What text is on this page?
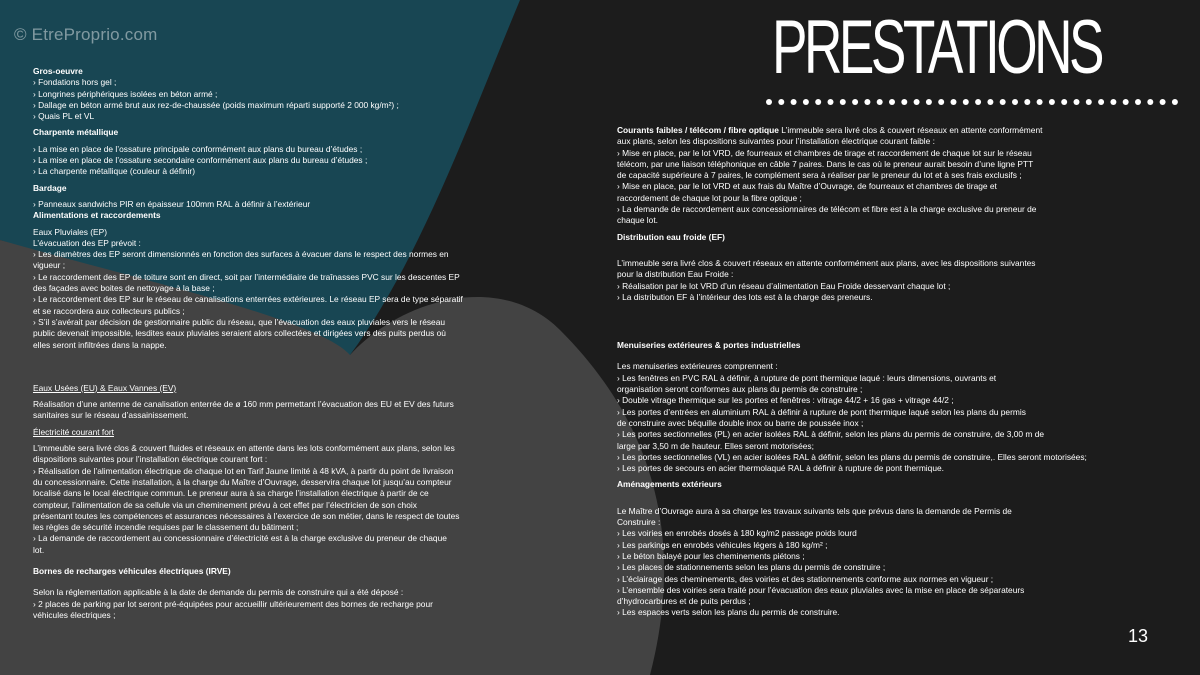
© EtreProprio.com	PRESTATIONS

Gros-oeuvre

› Fondations hors gel ;

› Longrines périphériques isolées en béton armé ;

› Dallage en béton armé brut aux rez-de-chaussée (poids maximum réparti supporté 2 000 kg/m²) ;

› Quais PL et VL

Charpente métallique

› La mise en place de l’ossature principale conformément aux plans du bureau d’études ;

› La mise en place de l’ossature secondaire conformément aux plans du bureau d’études ;

› La charpente métallique (couleur à définir)

Bardage

› Panneaux sandwichs PIR en épaisseur 100mm RAL à définir à l’extérieur

Alimentations et raccordements

Eaux Pluviales (EP)

L’évacuation des EP prévoit :

› Les diamètres des EP seront dimensionnés en fonction des surfaces à évacuer dans le respect des normes en

vigueur ;

› Le raccordement des EP de toiture sont en direct, soit par l’intermédiaire de traînasses PVC sur les descentes EP

des façades avec boites de nettoyage à la base ;

› Le raccordement des EP sur le réseau de canalisations enterrées extérieures. Le réseau EP sera de type séparatif

et se raccordera aux collecteurs publics ;

› S’il s’avérait par décision de gestionnaire public du réseau, que l’évacuation des eaux pluviales vers le réseau

public devenait impossible, lesdites eaux pluviales seraient alors collectées et dirigées vers des puits perdus où

elles seront infiltrées dans la nappe.

Eaux Usées (EU) & Eaux Vannes (EV)

Réalisation d’une antenne de canalisation enterrée de ø 160 mm permettant l’évacuation des EU et EV des futurs

sanitaires sur le réseau d’assainissement.

Électricité courant fort

L’immeuble sera livré clos & couvert fluides et réseaux en attente dans les lots conformément aux plans, selon les

dispositions suivantes pour l’installation électrique courant fort :

› Réalisation de l’alimentation électrique de chaque lot en Tarif Jaune limité à 48 kVA, à partir du point de livraison

du concessionnaire. Cette installation, à la charge du Maître d’Ouvrage, desservira chaque lot jusqu’au compteur

localisé dans le local électrique commun. Le preneur aura à sa charge l’installation électrique à partir de ce

compteur, l’alimentation de sa cellule via un cheminement prévu à cet effet par l’électricien de son choix

présentant toutes les compétences et assurances nécessaires à l’exercice de son métier, dans le respect de toutes

les règles de sécurité incendie requises par le classement du bâtiment ;

› La demande de raccordement au concessionnaire d’électricité est à la charge exclusive du preneur de chaque

lot.

Bornes de recharges véhicules électriques (IRVE)

Selon la réglementation applicable à la date de demande du permis de construire qui a été déposé :

› 2 places de parking par lot seront pré-équipées pour accueillir ultérieurement des bornes de recharge pour

véhicules électriques ;

Courants faibles / télécom / fibre optique L’immeuble sera livré clos & couvert réseaux en attente conformément

aux plans, selon les dispositions suivantes pour l’installation électrique courant faible :

› Mise en place, par le lot VRD, de fourreaux et chambres de tirage et raccordement de chaque lot sur le réseau

télécom, par une liaison téléphonique en câble 7 paires. Dans le cas où le preneur aurait besoin d’une ligne PTT

de capacité supérieure à 7 paires, le complément sera à réaliser par le preneur du lot et à ses frais exclusifs ;

› Mise en place, par le lot VRD et aux frais du Maître d’Ouvrage, de fourreaux et chambres de tirage et

raccordement de chaque lot pour la fibre optique ;

› La demande de raccordement aux concessionnaires de télécom et fibre est à la charge exclusive du preneur de

chaque lot.

Distribution eau froide (EF)

L’immeuble sera livré clos & couvert réseaux en attente conformément aux plans, avec les dispositions suivantes

pour la distribution Eau Froide :

› Réalisation par le lot VRD d’un réseau d’alimentation Eau Froide desservant chaque lot ;

› La distribution EF à l’intérieur des lots est à la charge des preneurs.

Menuiseries extérieures & portes industrielles

Les menuiseries extérieures comprennent :

› Les fenêtres en PVC RAL à définir, à rupture de pont thermique laqué : leurs dimensions, ouvrants et

organisation seront conformes aux plans du permis de construire ;

› Double vitrage thermique sur les portes et fenêtres : vitrage 44/2 + 16 gas + vitrage 44/2 ;

› Les portes d’entrées en aluminium RAL à définir à rupture de pont thermique laqué selon les plans du permis

de construire avec béquille double inox ou barre de poussée inox ;

› Les portes sectionnelles (PL) en acier isolées RAL à définir, selon les plans du permis de construire, de 3,00 m de

large par 3,50 m de hauteur. Elles seront motorisées;

› Les portes sectionnelles (VL) en acier isolées RAL à définir, selon les plans du permis de construire,. Elles seront motorisées;

› Les portes de secours en acier thermolaqué RAL à définir à rupture de pont thermique.

Aménagements extérieurs

Le Maître d’Ouvrage aura à sa charge les travaux suivants tels que prévus dans la demande de Permis de

Construire :

› Les voiries en enrobés dosés à 180 kg/m2 passage poids lourd

› Les parkings en enrobés véhicules légers à 180 kg/m² ;

› Le béton balayé pour les cheminements piétons ;

› Les places de stationnements selon les plans du permis de construire ;

› L’éclairage des cheminements, des voiries et des stationnements conforme aux normes en vigueur ;

› L’ensemble des voiries sera traité pour l’évacuation des eaux pluviales avec la mise en place de séparateurs

d’hydrocarbures et de puits perdus ;

› Les espaces verts selon les plans du permis de construire.

13
